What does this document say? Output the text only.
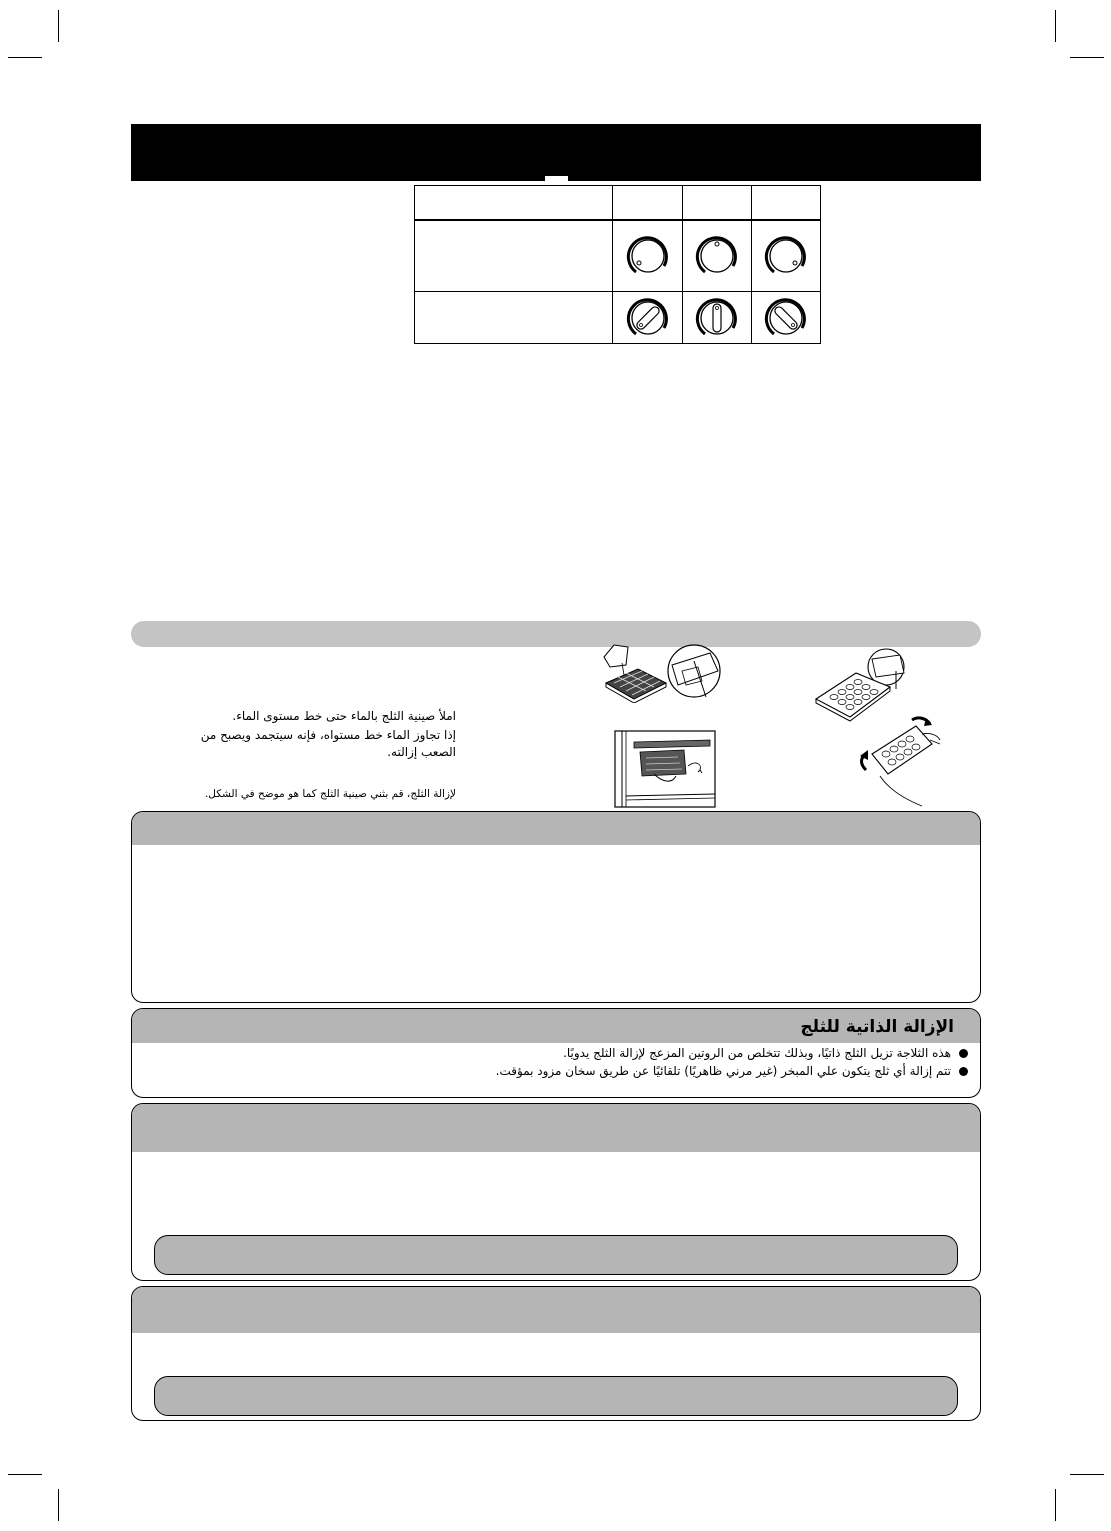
املأ صينية الثلج بالماء حتى خط مستوى الماء.
إذا تجاوز الماء خط مستواه، فإنه سيتجمد ويصبح من
الصعب إزالته.
لإزالة الثلج، قم بثني صينية الثلج كما هو موضح في الشكل.
الإزالة الذاتية للثلج
هذه الثلاجة تزيل الثلج ذاتيًا، وبذلك تتخلص من الروتين المزعج لإزالة الثلج يدويًا.
تتم إزالة أي ثلج يتكون علي المبخر (غير مرني ظاهريًا) تلقائيًا عن طريق سخان مزود بمؤقت.
